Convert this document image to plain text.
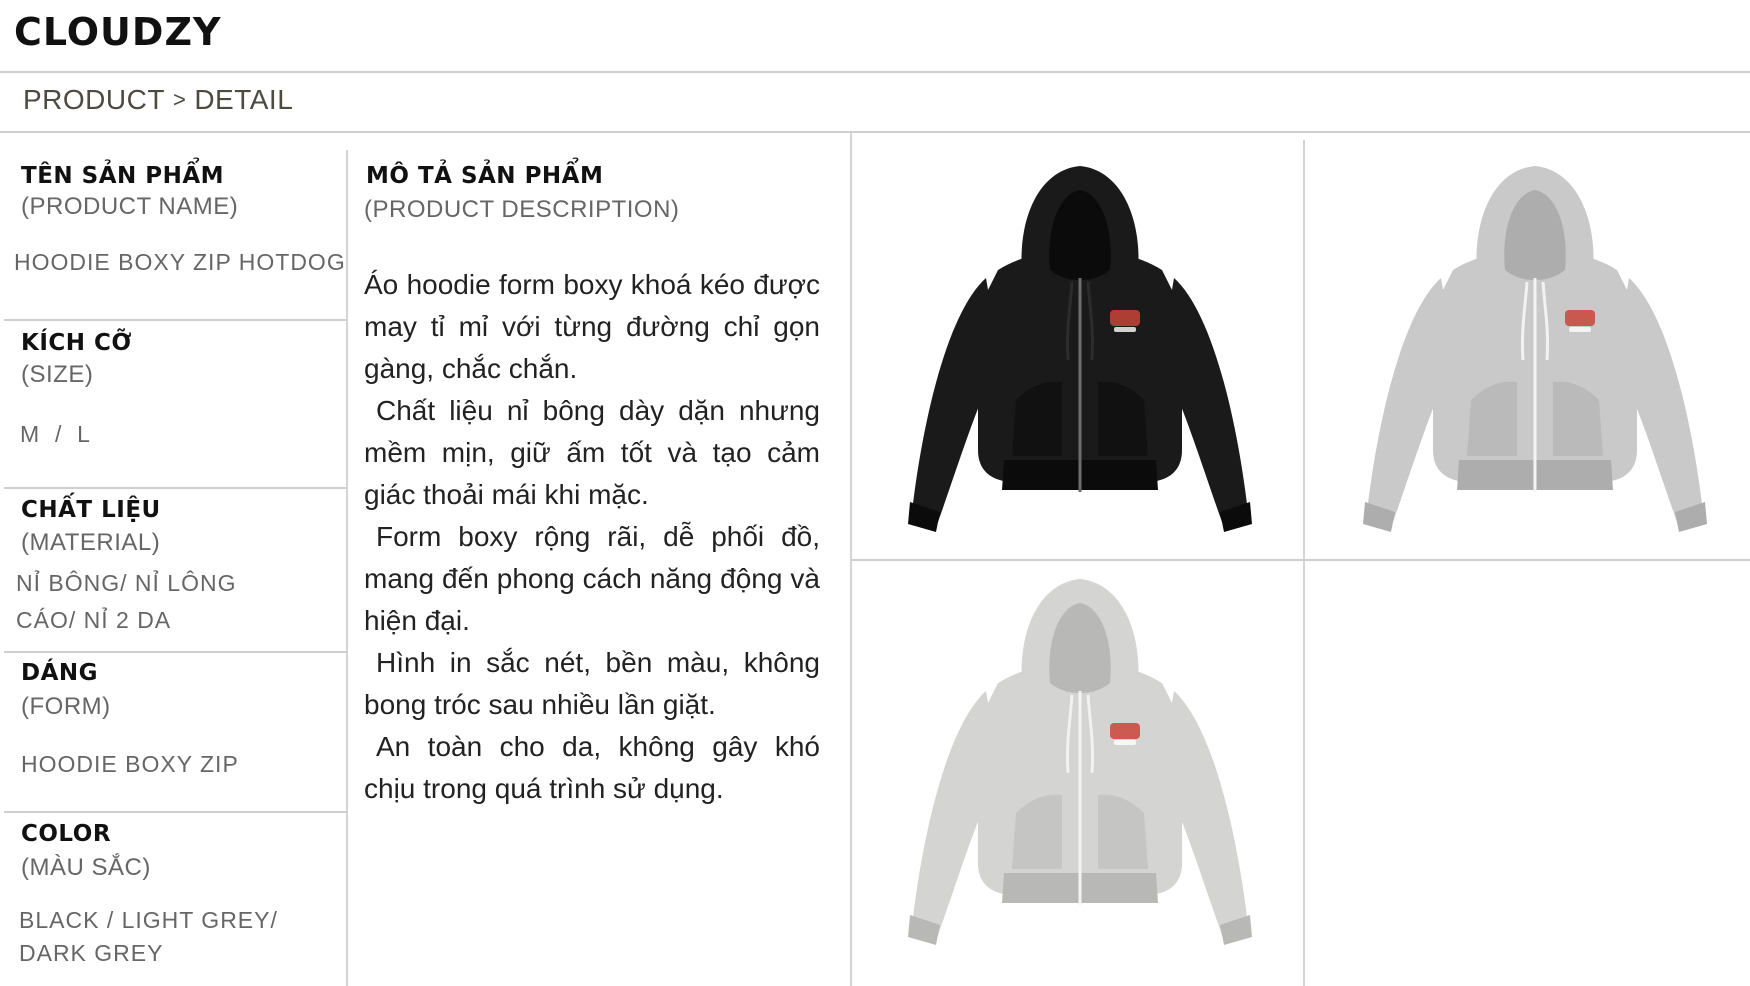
CLOUDZY
PRODUCT > DETAIL
TÊN SẢN PHẨM
(PRODUCT NAME)
HOODIE BOXY ZIP HOTDOG
KÍCH CỠ
(SIZE)
M  /  L
CHẤT LIỆU
(MATERIAL)
NỈ BÔNG/ NỈ LÔNG
CÁO/ NỈ 2 DA
DÁNG
(FORM)
HOODIE BOXY ZIP
COLOR
(MÀU SẮC)
BLACK / LIGHT GREY/
DARK GREY
MÔ TẢ SẢN PHẨM
(PRODUCT DESCRIPTION)

Áo hoodie form boxy khoá kéo được may tỉ mỉ với từng đường chỉ gọn gàng, chắc chắn.

Chất liệu nỉ bông dày dặn nhưng mềm mịn, giữ ấm tốt và tạo cảm giác thoải mái khi mặc.

Form boxy rộng rãi, dễ phối đồ, mang đến phong cách năng động và hiện đại.

Hình in sắc nét, bền màu, không bong tróc sau nhiều lần giặt.

An toàn cho da, không gây khó chịu trong quá trình sử dụng.
